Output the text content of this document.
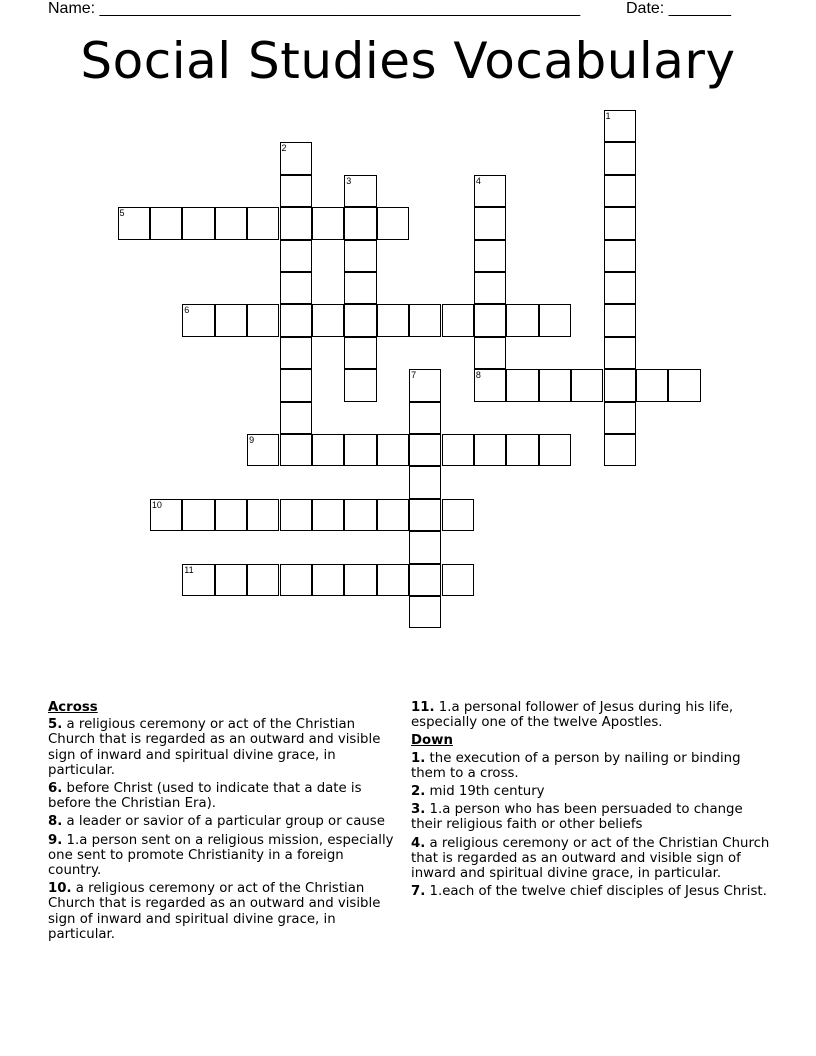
Name: ______________________________________________________	Date: _______
Social Studies Vocabulary
5
6
8
9
10
11
1
2
3	4
7
Across
5. a religious ceremony or act of the Christian Church that is regarded as an outward and visible sign of inward and spiritual divine grace, in particular.
6. before Christ (used to indicate that a date is before the Christian Era).
8. a leader or savior of a particular group or cause
9. 1.a person sent on a religious mission, especially one sent to promote Christianity in a foreign country.
10. a religious ceremony or act of the Christian Church that is regarded as an outward and visible sign of inward and spiritual divine grace, in particular.
11. 1.a personal follower of Jesus during his life, especially one of the twelve Apostles.
Down
1. the execution of a person by nailing or binding them to a cross.
2. mid 19th century
3. 1.a person who has been persuaded to change their religious faith or other beliefs
4. a religious ceremony or act of the Christian Church that is regarded as an outward and visible sign of inward and spiritual divine grace, in particular.
7. 1.each of the twelve chief disciples of Jesus Christ.
